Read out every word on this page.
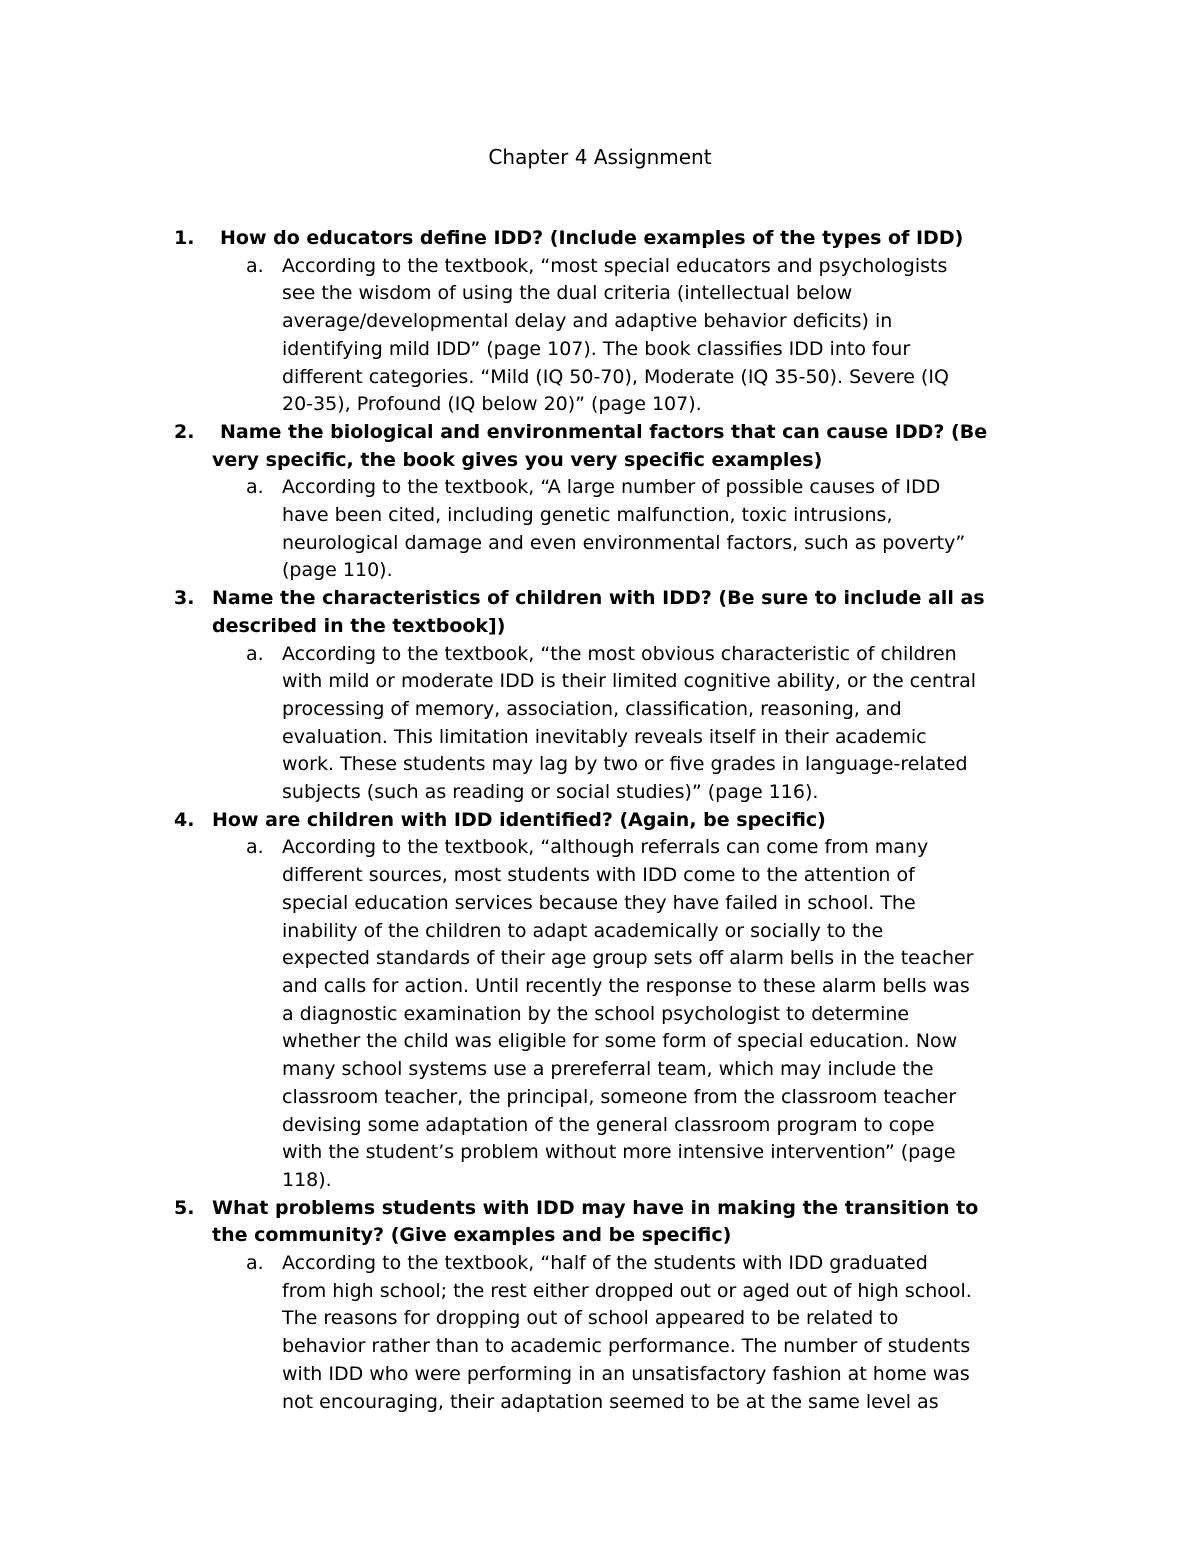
Chapter 4 Assignment
1.	How do educators define IDD? (Include examples of the types of IDD)
a. According to the textbook, “most special educators and psychologists
see the wisdom of using the dual criteria (intellectual below
average/developmental delay and adaptive behavior deficits) in
identifying mild IDD” (page 107). The book classifies IDD into four
different categories. “Mild (IQ 50-70), Moderate (IQ 35-50). Severe (IQ
20-35), Profound (IQ below 20)” (page 107).
2.	Name the biological and environmental factors that can cause IDD? (Be
very specific, the book gives you very specific examples)
a. According to the textbook, “A large number of possible causes of IDD
have been cited, including genetic malfunction, toxic intrusions,
neurological damage and even environmental factors, such as poverty”
(page 110).
3. Name the characteristics of children with IDD? (Be sure to include all as
described in the textbook])
a. According to the textbook, “the most obvious characteristic of children
with mild or moderate IDD is their limited cognitive ability, or the central
processing of memory, association, classification, reasoning, and
evaluation. This limitation inevitably reveals itself in their academic
work. These students may lag by two or five grades in language-related
subjects (such as reading or social studies)” (page 116).
4. How are children with IDD identified? (Again, be specific)
a. According to the textbook, “although referrals can come from many
different sources, most students with IDD come to the attention of
special education services because they have failed in school. The
inability of the children to adapt academically or socially to the
expected standards of their age group sets off alarm bells in the teacher
and calls for action. Until recently the response to these alarm bells was
a diagnostic examination by the school psychologist to determine
whether the child was eligible for some form of special education. Now
many school systems use a prereferral team, which may include the
classroom teacher, the principal, someone from the classroom teacher
devising some adaptation of the general classroom program to cope
with the student’s problem without more intensive intervention” (page
118).
5. What problems students with IDD may have in making the transition to
the community? (Give examples and be specific)
a. According to the textbook, “half of the students with IDD graduated
from high school; the rest either dropped out or aged out of high school.
The reasons for dropping out of school appeared to be related to
behavior rather than to academic performance. The number of students
with IDD who were performing in an unsatisfactory fashion at home was
not encouraging, their adaptation seemed to be at the same level as
